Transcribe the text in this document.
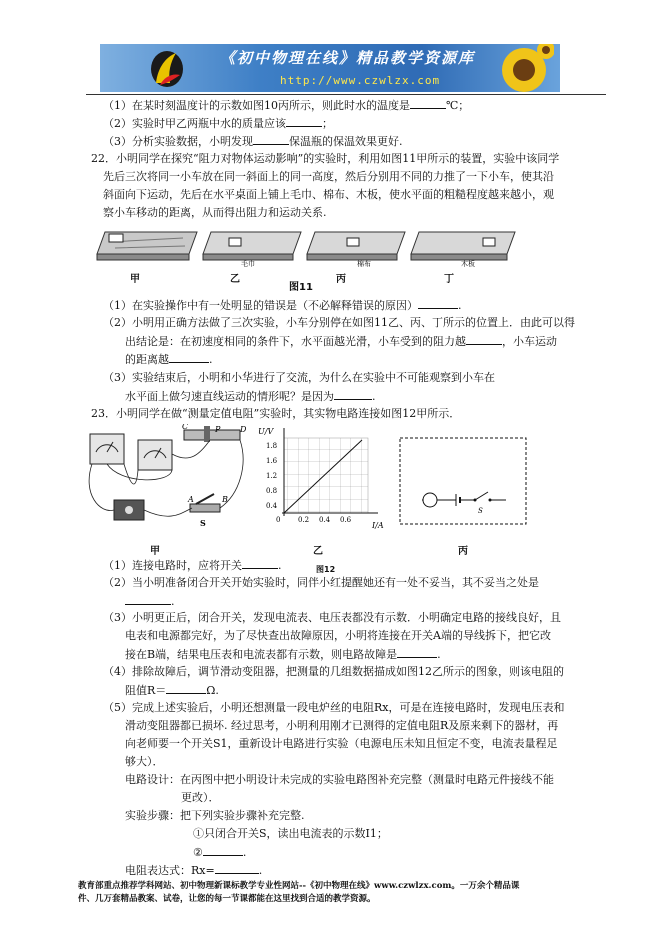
《初中物理在线》精品教学资源库
http://www.czwlzx.com
（1）在某时刻温度计的示数如图10丙所示，则此时水的温度是	℃；
（2）实验时甲乙两瓶中水的质量应该	；
（3）分析实验数据，小明发现	保温瓶的保温效果更好.
22．小明同学在探究“阻力对物体运动影响”的实验时，利用如图11甲所示的装置，实验中该同学
先后三次将同一小车放在同一斜面上的同一高度，然后分别用不同的力推了一下小车，使其沿
斜面向下运动，先后在水平桌面上铺上毛巾、棉布、木板，使水平面的粗糙程度越来越小，观
察小车移动的距离，从而得出阻力和运动关系.
毛巾	棉布	木板
甲	乙	丙	丁
图11
（1）在实验操作中有一处明显的错误是（不必解释错误的原因）	.
（2）小明用正确方法做了三次实验，小车分别停在如图11乙、丙、丁所示的位置上．由此可以得
出结论是：在初速度相同的条件下，水平面越光滑，小车受到的阻力越	，小车运动
的距离越	.
（3）实验结束后，小明和小华进行了交流，为什么在实验中不可能观察到小车在
水平面上做匀速直线运动的情形呢？是因为	.
23．小明同学在做“测量定值电阻”实验时，其实物电路连接如图12甲所示．
P D
C
A	B
S
U/V
I/A
1.8
1.6
1.2
0.8
0.4
0	0.2 0.4 0.6
S
甲	乙	丙
图12
（1）连接电路时，应将开关	.
（2）当小明准备闭合开关开始实验时，同伴小红提醒她还有一处不妥当，其不妥当之处是
.
（3）小明更正后，闭合开关，发现电流表、电压表都没有示数．小明确定电路的接线良好，且
电表和电源都完好，为了尽快查出故障原因，小明将连接在开关A端的导线拆下，把它改
接在B端，结果电压表和电流表都有示数，则电路故障是	.
（4）排除故障后，调节滑动变阻器，把测量的几组数据描成如图12乙所示的图象，则该电阻的
阻值R＝	Ω.
（5）完成上述实验后，小明还想测量一段电炉丝的电阻Rx，可是在连接电路时，发现电压表和
滑动变阻器都已损坏. 经过思考，小明利用刚才已测得的定值电阻R及原来剩下的器材，再
向老师要一个开关S1，重新设计电路进行实验（电源电压未知且恒定不变，电流表量程足
够大）．
电路设计：在丙图中把小明设计未完成的实验电路图补充完整（测量时电路元件接线不能
更改）．
实验步骤：把下列实验步骤补充完整.
①只闭合开关S，读出电流表的示数I1；
②	.
电阻表达式：Rx=	.
教育部重点推荐学科网站、初中物理新课标教学专业性网站--《初中物理在线》www.czwlzx.com。一万余个精品课
件、几万套精品教案、试卷，让您的每一节课都能在这里找到合适的教学资源。
